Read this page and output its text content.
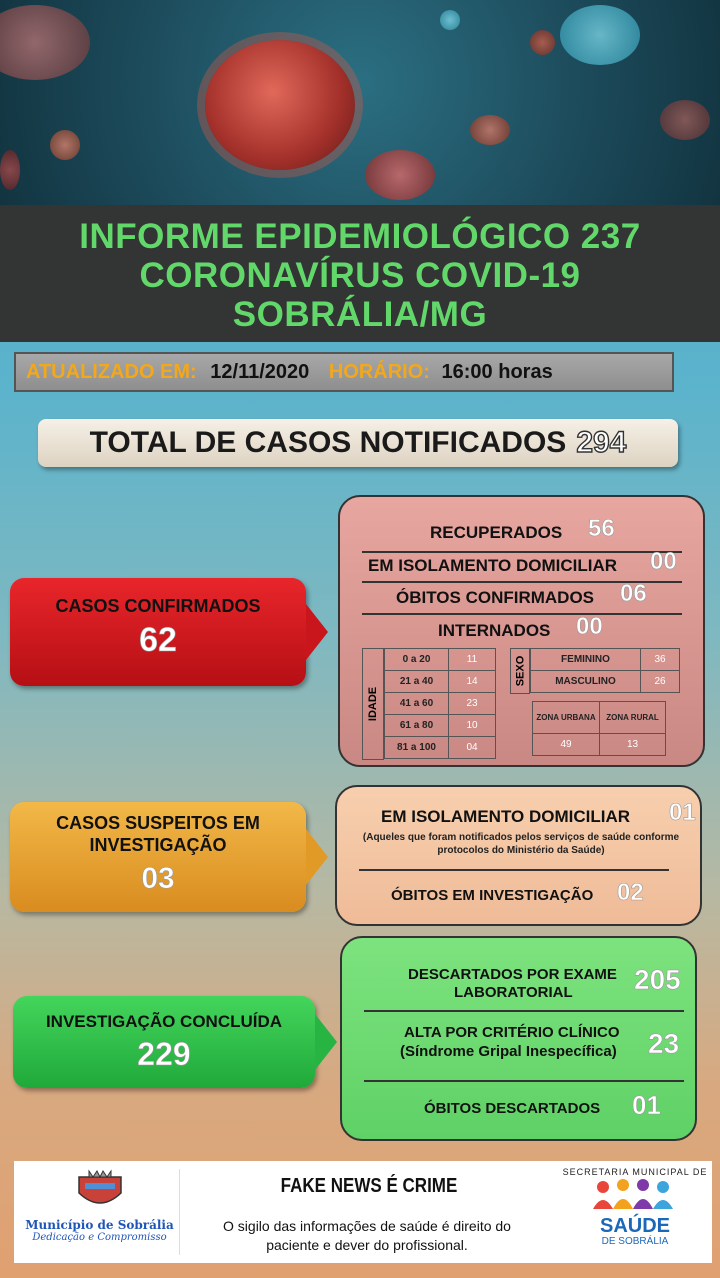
INFORME EPIDEMIOLÓGICO 237
CORONAVÍRUS COVID-19
SOBRÁLIA/MG
ATUALIZADO EM: 12/11/2020 HORÁRIO: 16:00 horas
TOTAL DE CASOS NOTIFICADOS 294
CASOS CONFIRMADOS
62
RECUPERADOS 56
EM ISOLAMENTO DOMICILIAR 00
ÓBITOS CONFIRMADOS 06
INTERNADOS 00
IDADE
0 a 20	11
21 a 40	14
41 a 60	23
61 a 80	10
81 a 100	04
SEXO	FEMININO	36
MASCULINO	26
ZONA URBANA	ZONA RURAL
49	13
CASOS SUSPEITOS EM
INVESTIGAÇÃO
03
EM ISOLAMENTO DOMICILIAR 01
(Aqueles que foram notificados pelos serviços de saúde conforme protocolos do Ministério da Saúde)
ÓBITOS EM INVESTIGAÇÃO 02
INVESTIGAÇÃO CONCLUÍDA
229
DESCARTADOS POR EXAME
LABORATORIAL 205
ALTA POR CRITÉRIO CLÍNICO
(Síndrome Gripal Inespecífica) 23
ÓBITOS DESCARTADOS 01
Município de Sobrália
Dedicação e Compromisso
FAKE NEWS É CRIME
O sigilo das informações de saúde é direito do
paciente e dever do profissional.
SECRETARIA MUNICIPAL DE
SAÚDE
DE SOBRÁLIA
